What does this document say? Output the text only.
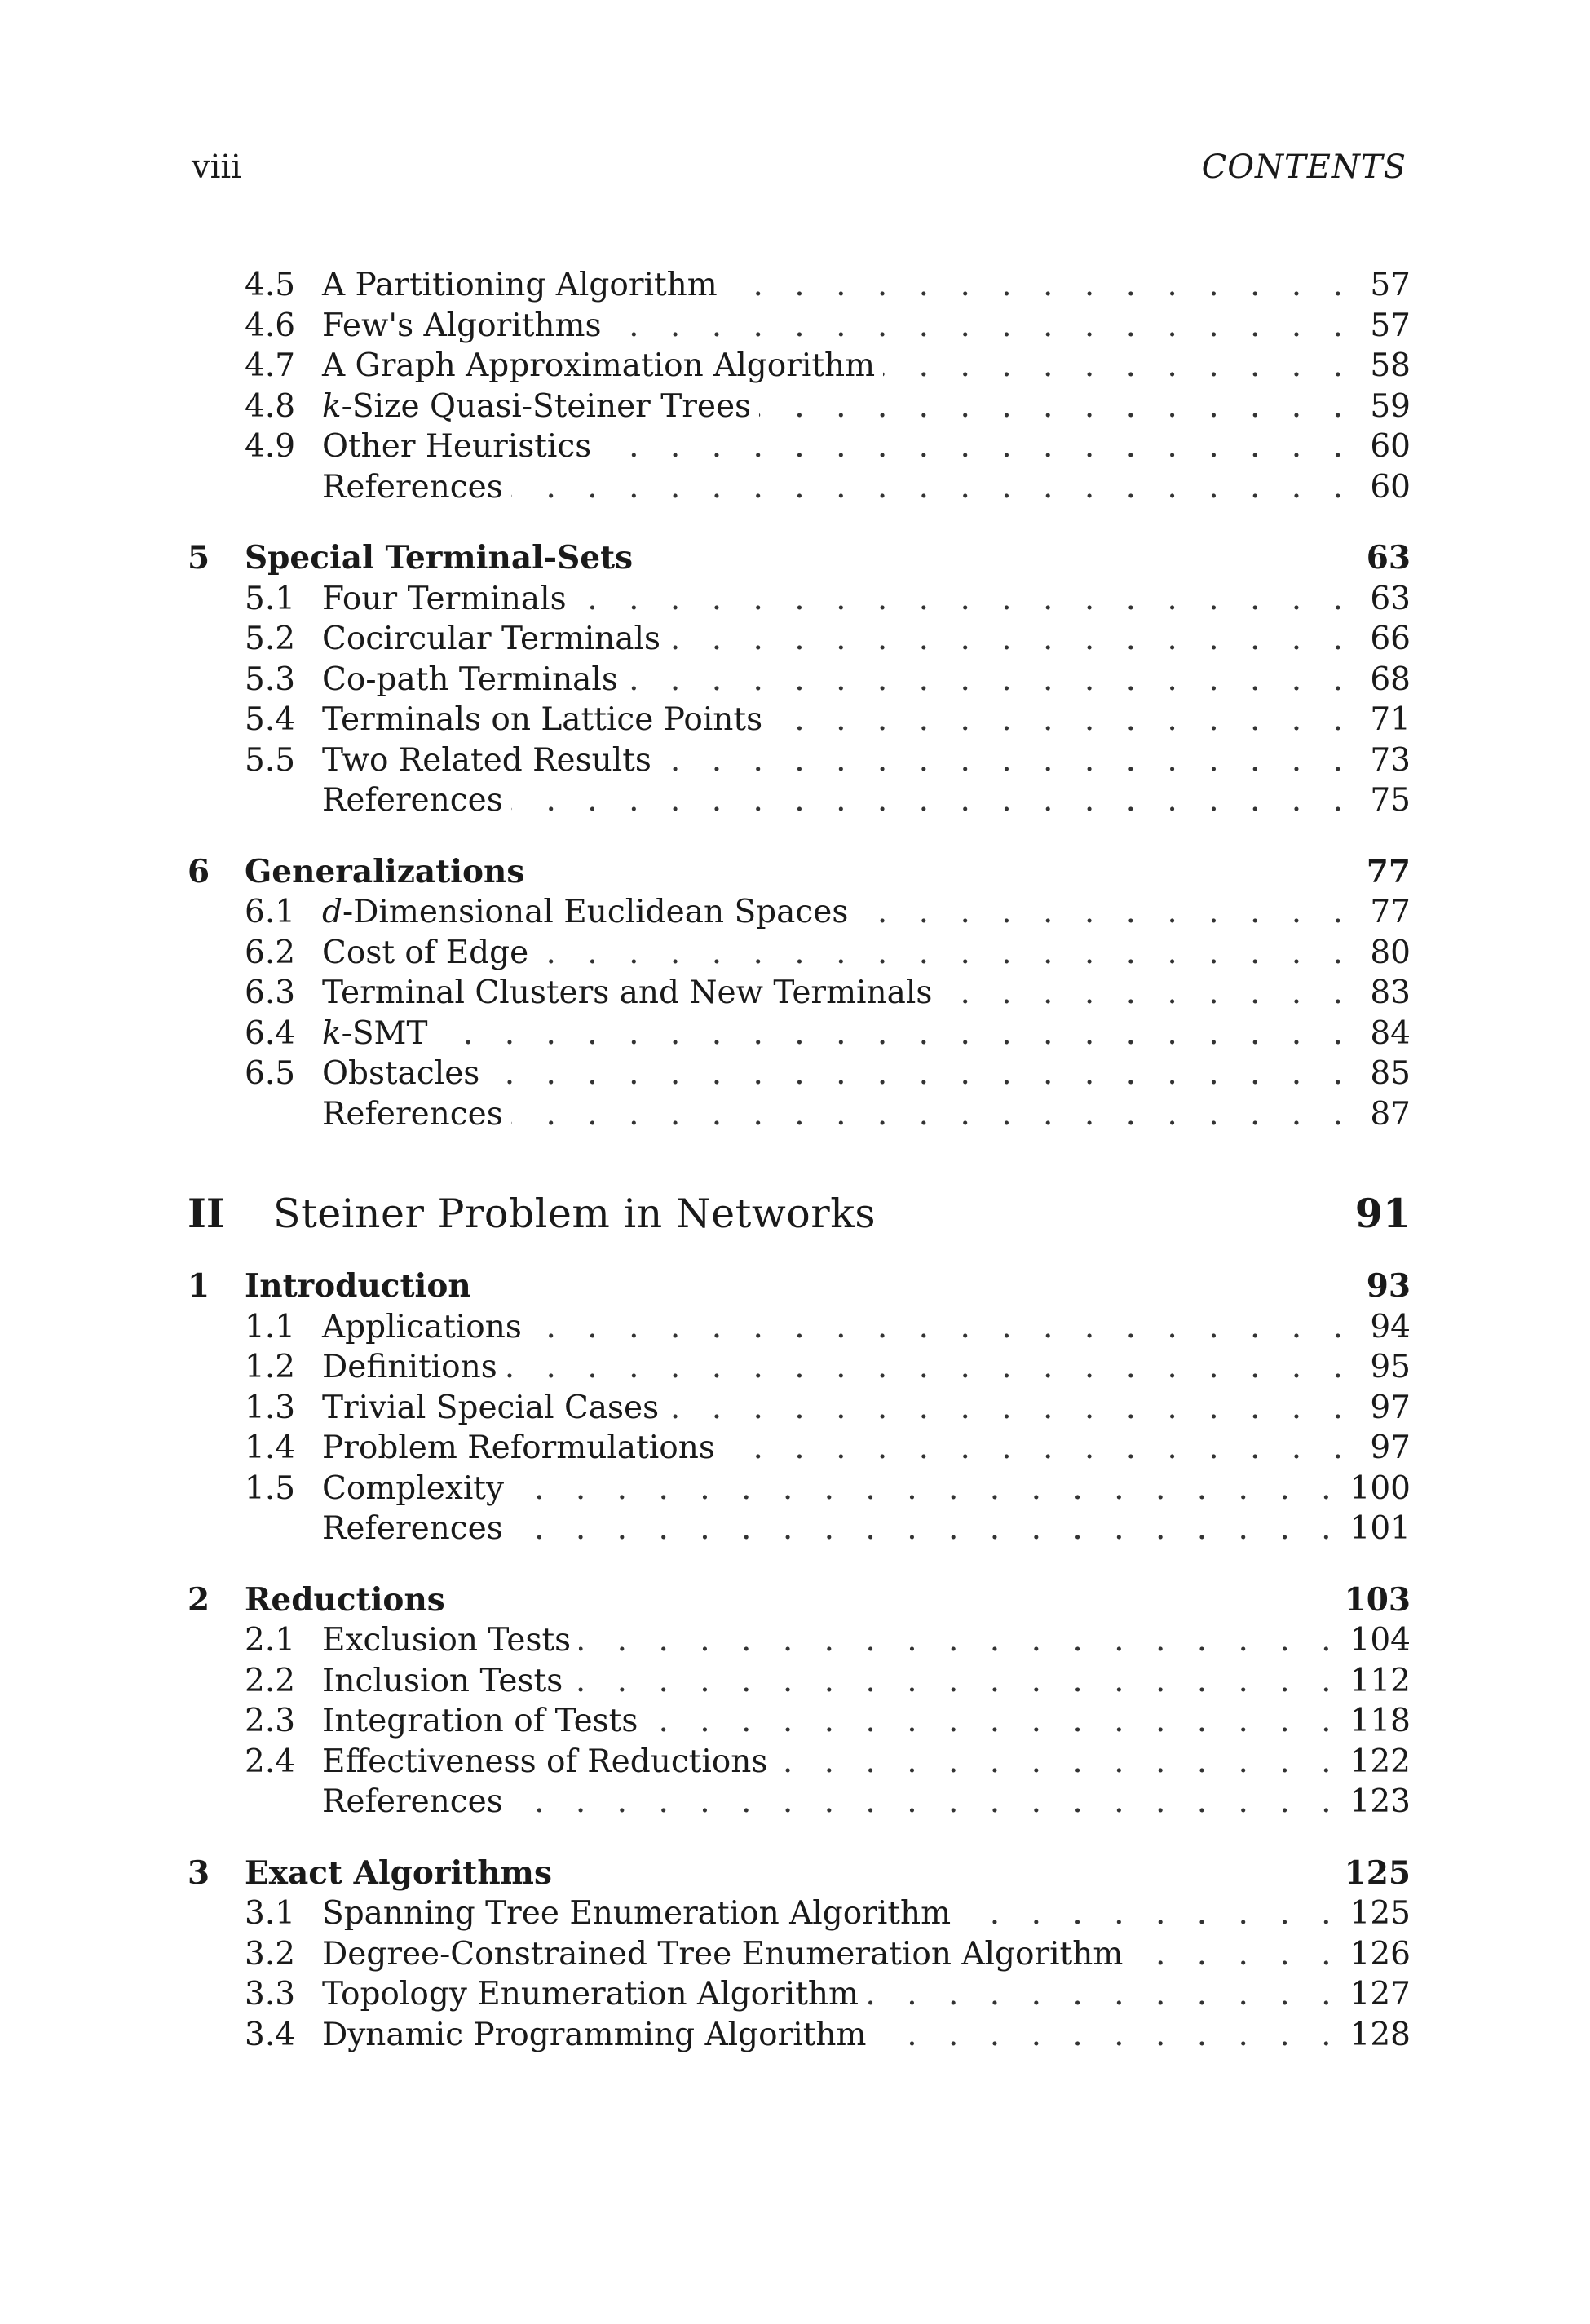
viii	CONTENTS
4.5 A Partitioning Algorithm . . .	57
4.6 Few's Algorithms . . .	57
4.7 A Graph Approximation Algorithm . . .	58
4.8 k-Size Quasi-Steiner Trees . . .	59
4.9 Other Heuristics . . .	60
References . . .	60
5	Special Terminal-Sets	63
5.1 Four Terminals . . .	63
5.2 Cocircular Terminals . . .	66
5.3 Co-path Terminals . . .	68
5.4 Terminals on Lattice Points . . .	71
5.5 Two Related Results . . .	73
References . . .	75
6	Generalizations	77
6.1 d-Dimensional Euclidean Spaces . . .	77
6.2 Cost of Edge . . .	80
6.3 Terminal Clusters and New Terminals . . .	83
6.4 k-SMT . . .	84
6.5 Obstacles . . .	85
References . . .	87
II	Steiner Problem in Networks	91
1	Introduction	93
1.1 Applications . . .	94
1.2 Definitions . . .	95
1.3 Trivial Special Cases . . .	97
1.4 Problem Reformulations . . .	97
1.5 Complexity . . .	100
References . . .	101
2	Reductions	103
2.1 Exclusion Tests . . .	104
2.2 Inclusion Tests . . .	112
2.3 Integration of Tests . . .	118
2.4 Effectiveness of Reductions . . .	122
References . . .	123
3	Exact Algorithms	125
3.1 Spanning Tree Enumeration Algorithm . . .	125
3.2 Degree-Constrained Tree Enumeration Algorithm . . .	126
3.3 Topology Enumeration Algorithm . . .	127
3.4 Dynamic Programming Algorithm . . .	128
